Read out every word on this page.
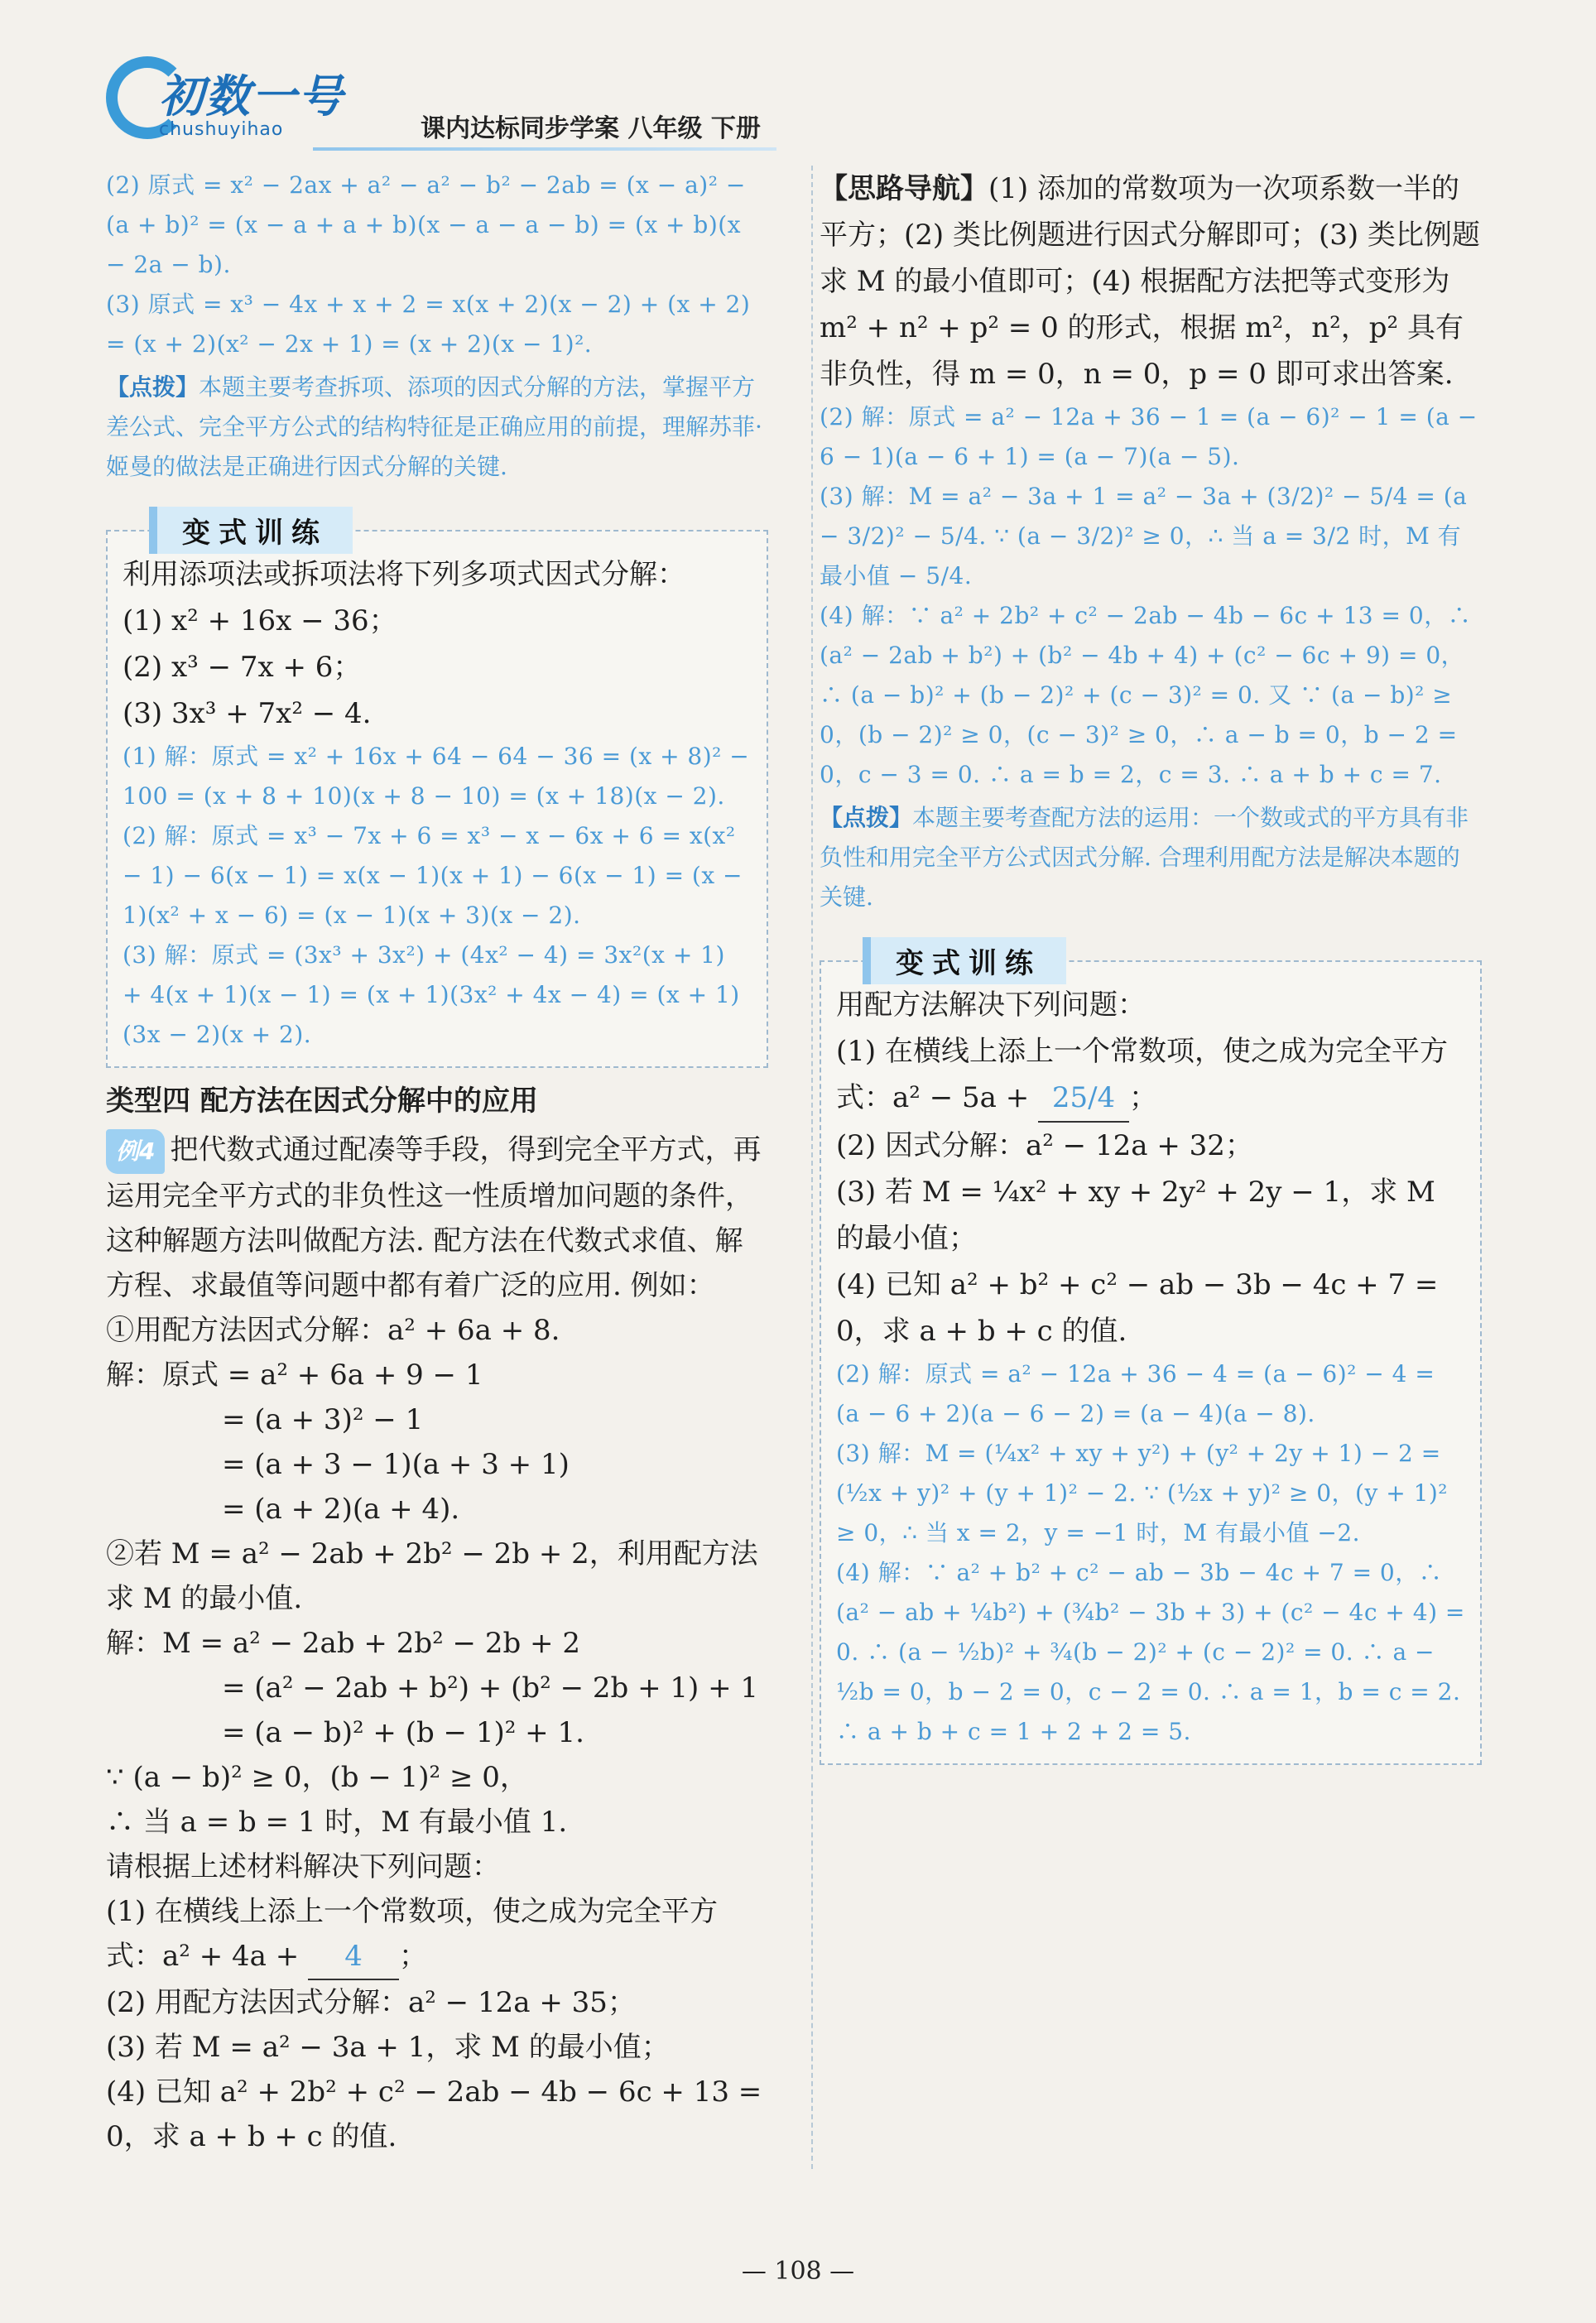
初数一号
chushuyihao	课内达标同步学案 八年级 下册

(2) 原式 = x² − 2ax + a² − a² − b² − 2ab = (x − a)² − (a + b)² = (x − a + a + b)(x − a − a − b) = (x + b)(x − 2a − b).

(3) 原式 = x³ − 4x + x + 2 = x(x + 2)(x − 2) + (x + 2) = (x + 2)(x² − 2x + 1) = (x + 2)(x − 1)².

【点拨】本题主要考查拆项、添项的因式分解的方法，掌握平方差公式、完全平方公式的结构特征是正确应用的前提，理解苏菲·姬曼的做法是正确进行因式分解的关键.

变式训练

利用添项法或拆项法将下列多项式因式分解：

(1) x² + 16x − 36；

(2) x³ − 7x + 6；

(3) 3x³ + 7x² − 4.

(1) 解：原式 = x² + 16x + 64 − 64 − 36 = (x + 8)² − 100 = (x + 8 + 10)(x + 8 − 10) = (x + 18)(x − 2).

(2) 解：原式 = x³ − 7x + 6 = x³ − x − 6x + 6 = x(x² − 1) − 6(x − 1) = x(x − 1)(x + 1) − 6(x − 1) = (x − 1)(x² + x − 6) = (x − 1)(x + 3)(x − 2).

(3) 解：原式 = (3x³ + 3x²) + (4x² − 4) = 3x²(x + 1) + 4(x + 1)(x − 1) = (x + 1)(3x² + 4x − 4) = (x + 1)(3x − 2)(x + 2).

类型四 配方法在因式分解中的应用

例4 把代数式通过配凑等手段，得到完全平方式，再运用完全平方式的非负性这一性质增加问题的条件，这种解题方法叫做配方法. 配方法在代数式求值、解方程、求最值等问题中都有着广泛的应用. 例如：

①用配方法因式分解：a² + 6a + 8.

解：原式 = a² + 6a + 9 − 1

= (a + 3)² − 1

= (a + 3 − 1)(a + 3 + 1)

= (a + 2)(a + 4).

②若 M = a² − 2ab + 2b² − 2b + 2，利用配方法求 M 的最小值.

解：M = a² − 2ab + 2b² − 2b + 2

= (a² − 2ab + b²) + (b² − 2b + 1) + 1

= (a − b)² + (b − 1)² + 1.

∵ (a − b)² ≥ 0，(b − 1)² ≥ 0，

∴ 当 a = b = 1 时，M 有最小值 1.

请根据上述材料解决下列问题：

(1) 在横线上添上一个常数项，使之成为完全平方式：a² + 4a + 4 ；

(2) 用配方法因式分解：a² − 12a + 35；

(3) 若 M = a² − 3a + 1，求 M 的最小值；

(4) 已知 a² + 2b² + c² − 2ab − 4b − 6c + 13 = 0，求 a + b + c 的值.

【思路导航】(1) 添加的常数项为一次项系数一半的平方；(2) 类比例题进行因式分解即可；(3) 类比例题求 M 的最小值即可；(4) 根据配方法把等式变形为 m² + n² + p² = 0 的形式，根据 m²，n²，p² 具有非负性，得 m = 0，n = 0，p = 0 即可求出答案.

(2) 解：原式 = a² − 12a + 36 − 1 = (a − 6)² − 1 = (a − 6 − 1)(a − 6 + 1) = (a − 7)(a − 5).

(3) 解：M = a² − 3a + 1 = a² − 3a + (3/2)² − 5/4 = (a − 3/2)² − 5/4. ∵ (a − 3/2)² ≥ 0，∴ 当 a = 3/2 时，M 有最小值 − 5/4.

(4) 解：∵ a² + 2b² + c² − 2ab − 4b − 6c + 13 = 0，∴ (a² − 2ab + b²) + (b² − 4b + 4) + (c² − 6c + 9) = 0，∴ (a − b)² + (b − 2)² + (c − 3)² = 0. 又 ∵ (a − b)² ≥ 0，(b − 2)² ≥ 0，(c − 3)² ≥ 0，∴ a − b = 0，b − 2 = 0，c − 3 = 0. ∴ a = b = 2，c = 3. ∴ a + b + c = 7.

【点拨】本题主要考查配方法的运用：一个数或式的平方具有非负性和用完全平方公式因式分解. 合理利用配方法是解决本题的关键.

变式训练

用配方法解决下列问题：

(1) 在横线上添上一个常数项，使之成为完全平方式：a² − 5a + 25/4 ；

(2) 因式分解：a² − 12a + 32；

(3) 若 M = ¼x² + xy + 2y² + 2y − 1，求 M 的最小值；

(4) 已知 a² + b² + c² − ab − 3b − 4c + 7 = 0，求 a + b + c 的值.

(2) 解：原式 = a² − 12a + 36 − 4 = (a − 6)² − 4 = (a − 6 + 2)(a − 6 − 2) = (a − 4)(a − 8).

(3) 解：M = (¼x² + xy + y²) + (y² + 2y + 1) − 2 = (½x + y)² + (y + 1)² − 2. ∵ (½x + y)² ≥ 0，(y + 1)² ≥ 0，∴ 当 x = 2，y = −1 时，M 有最小值 −2.

(4) 解：∵ a² + b² + c² − ab − 3b − 4c + 7 = 0，∴ (a² − ab + ¼b²) + (¾b² − 3b + 3) + (c² − 4c + 4) = 0. ∴ (a − ½b)² + ¾(b − 2)² + (c − 2)² = 0. ∴ a − ½b = 0，b − 2 = 0，c − 2 = 0. ∴ a = 1，b = c = 2. ∴ a + b + c = 1 + 2 + 2 = 5.

— 108 —
